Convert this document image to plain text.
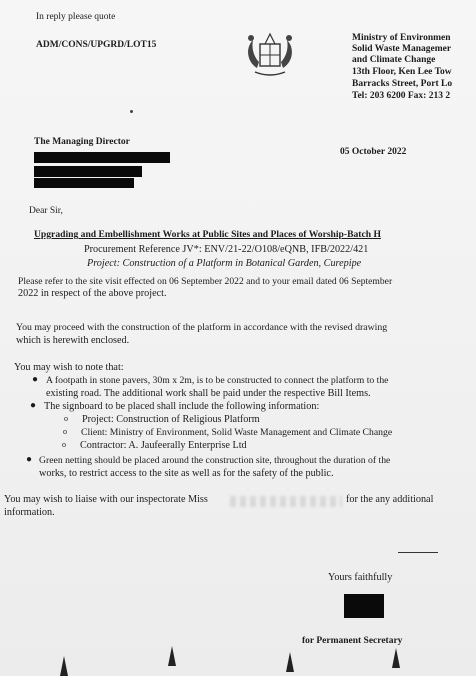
In reply please quote
ADM/CONS/UPGRD/LOT15
Ministry of Environmen
Solid Waste Managemer
and Climate Change
13th Floor, Ken Lee Tow
Barracks Street, Port Lo
Tel: 203 6200 Fax: 213 2
05 October 2022
The Managing Director
Dear Sir,
Upgrading and Embellishment Works at Public Sites and Places of Worship-Batch H
Procurement Reference JV*: ENV/21-22/O108/eQNB, IFB/2022/421
Project: Construction of a Platform in Botanical Garden, Curepipe
Please refer to the site visit effected on 06 September 2022 and to your email dated 06 September
2022 in respect of the above project.
You may proceed with the construction of the platform in accordance with the revised drawing
which is herewith enclosed.
You may wish to note that:
● A footpath in stone pavers, 30m x 2m, is to be constructed to connect the platform to the
existing road. The additional work shall be paid under the respective Bill Items.
● The signboard to be placed shall include the following information:
o Project: Construction of Religious Platform
o Client: Ministry of Environment, Solid Waste Management and Climate Change
o Contractor: A. Jaufeerally Enterprise Ltd
● Green netting should be placed around the construction site, throughout the duration of the
works, to restrict access to the site as well as for the safety of the public.
You may wish to liaise with our inspectorate Miss	for the any additional
information.
Yours faithfully
for Permanent Secretary
